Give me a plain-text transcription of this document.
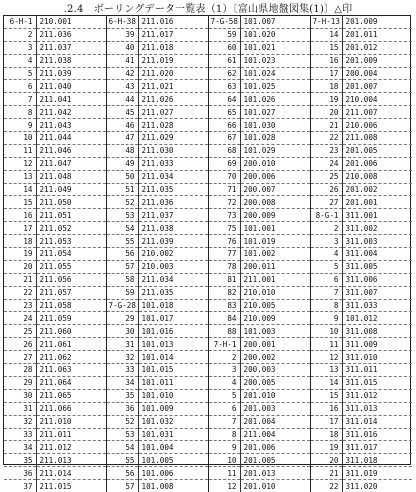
.2.4　ボーリングデータ一覧表（1）〔富山県地盤図集(1)〕△印
6-H-1	210.001	6-H-38	211.016	7-G-58	101.007	7-H-13	201.009
2	211.036	39	211.017	59	101.020	14	201.011
3	211.037	40	211.018	60	101.021	15	201.012
4	211.038	41	211.019	61	101.023	16	201.009
5	211.039	42	211.020	62	101.024	17	200.004
6	211.040	43	211.021	63	101.025	18	201.007
7	211.041	44	211.026	64	101.026	19	210.004
8	211.042	45	211.027	65	101.027	20	211.007
9	211.043	46	211.028	66	101.030	21	210.006
10	211.044	47	211.029	67	101.028	22	211.008
11	211.046	48	211.030	68	101.029	23	201.005
12	211.047	49	211.033	69	200.010	24	201.006
13	211.048	50	211.034	70	200.006	25	210.008
14	211.049	51	211.035	71	200.007	26	201.002
15	211.050	52	211.036	72	200.008	27	201.001
16	211.051	53	211.037	73	200.009	8-G-1	311.001
17	211.052	54	211.038	75	101.001	2	311.002
18	211.053	55	211.039	76	101.019	3	311.003
19	211.054	56	210.002	77	101.002	4	311.004
20	211.055	57	210.003	78	200.011	5	311.005
21	211.056	58	211.034	81	211.001	6	311.006
22	211.057	59	211.035	82	210.010	7	311.007
23	211.058	7-G-28	101.018	83	210.005	8	311.033
24	211.059	29	101.017	84	210.009	9	101.012
25	211.060	30	101.016	88	101.003	10	311.008
26	211.061	31	101.013	7-H-1	200.001	11	311.009
27	211.062	32	101.014	2	200.002	12	311.010
28	211.063	33	101.015	3	200.003	13	311.011
29	211.064	34	101.011	4	200.005	14	311.015
30	211.065	35	101.010	5	201.010	15	311.012
31	211.066	36	101.009	6	201.003	16	311.013
32	211.010	52	101.032	7	201.004	17	311.014
33	211.011	53	101.031	8	211.004	18	311.016
34	211.012	54	101.004	9	201.006	19	311.017
35	211.013	55	101.005	10	201.005	20	311.018
36	211.014	56	101.006	11	201.013	21	311.019
37	211.015	57	101.008	12	201.010	22	311.020
